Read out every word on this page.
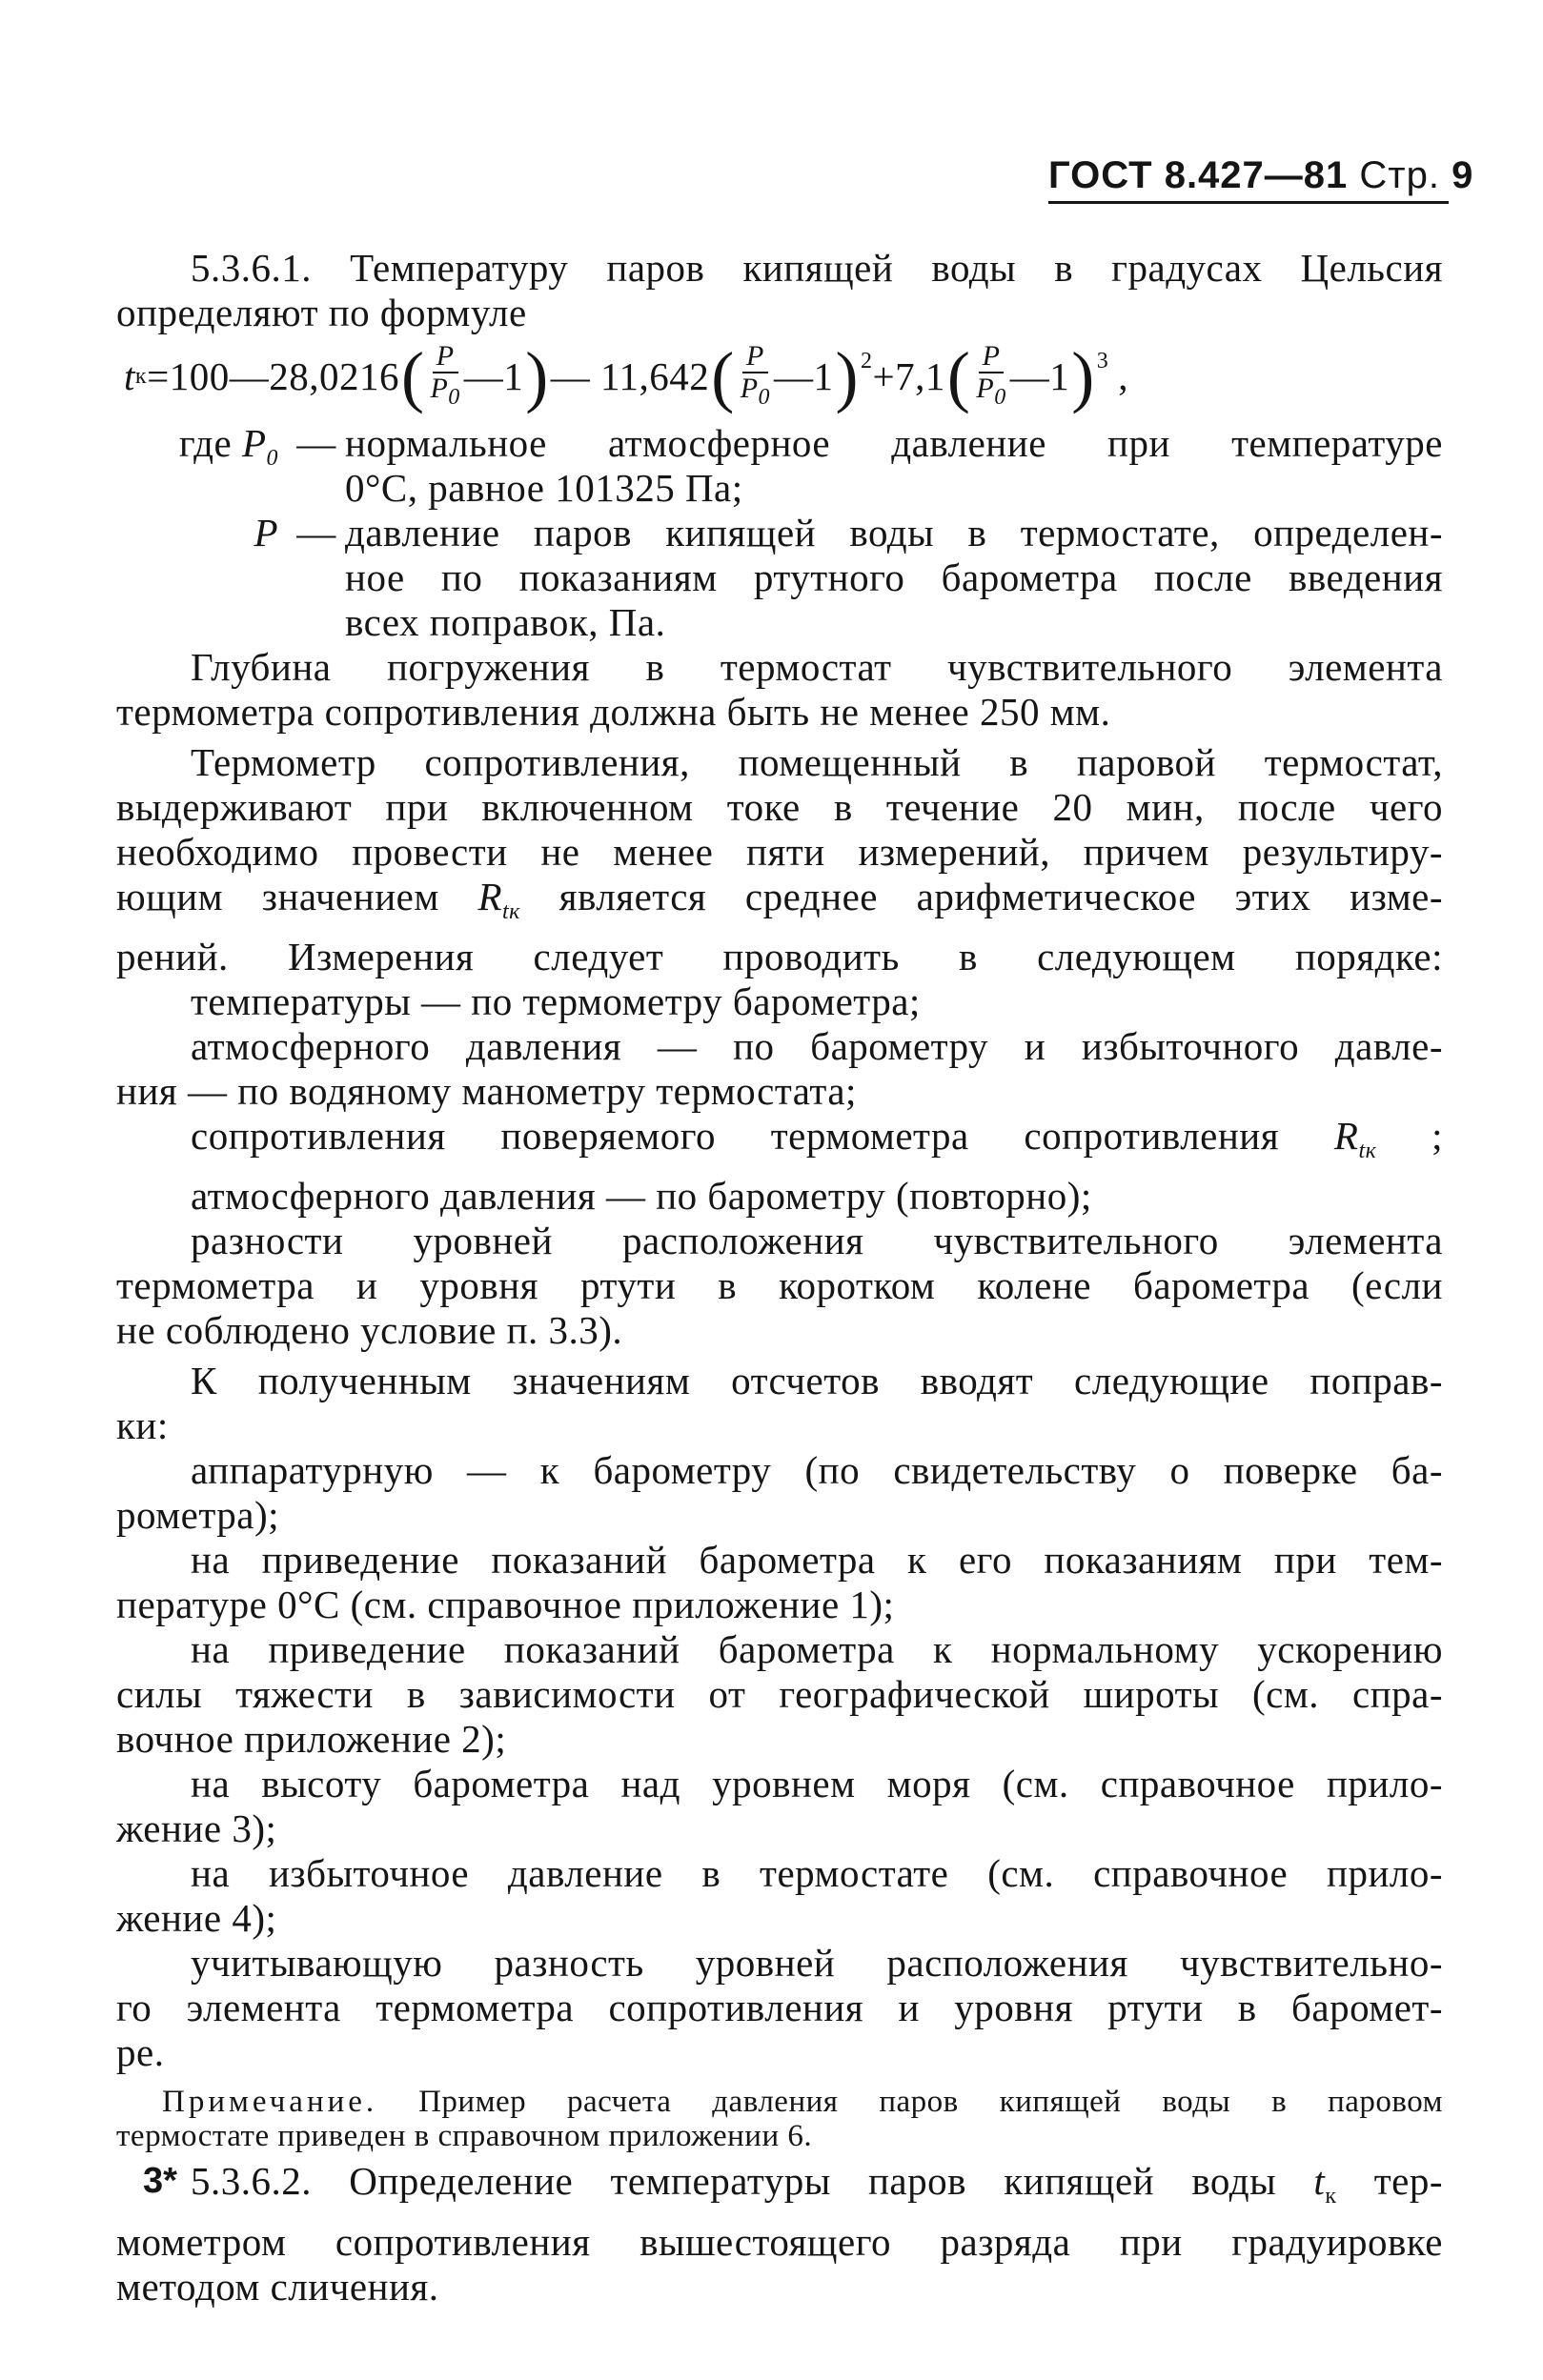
ГОСТ 8.427—81 Стр. 9

5.3.6.1. Температуру паров кипящей воды в градусах Цельсия
определяют по формуле

t к =100—28,0216 ( $\frac{P}{P_0}$ —1 ) — 11,642 ( $\frac{P}{P_0}$ —1 )$^2$ +7,1 ( $\frac{P}{P_0}$ —1 )$^3$ ,
где $P_0$ — нормальное атмосферное давление при температуре
0°С, равное 101325 Па;
P — давление паров кипящей воды в термостате, определен-
ное по показаниям ртутного барометра после введения
всех поправок, Па.

Глубина погружения в термостат чувствительного элемента
термометра сопротивления должна быть не менее 250 мм.

Термометр сопротивления, помещенный в паровой термостат,
выдерживают при включенном токе в течение 20 мин, после чего
необходимо провести не менее пяти измерений, причем результиру-
ющим значением $R_{tк}$ является среднее арифметическое этих изме-
рений. Измерения следует проводить в следующем порядке:

температуры — по термометру барометра;
атмосферного давления — по барометру и избыточного давле-
ния — по водяному манометру термостата;
сопротивления поверяемого термометра сопротивления $R_{tк}$ ;
атмосферного давления — по барометру (повторно);
разности уровней расположения чувствительного элемента
термометра и уровня ртути в коротком колене барометра (если
не соблюдено условие п. 3.3).
К полученным значениям отсчетов вводят следующие поправ-
ки:
аппаратурную — к барометру (по свидетельству о поверке ба-
рометра);
на приведение показаний барометра к его показаниям при тем-
пературе 0°С (см. справочное приложение 1);
на приведение показаний барометра к нормальному ускорению
силы тяжести в зависимости от географической широты (см. спра-
вочное приложение 2);
на высоту барометра над уровнем моря (см. справочное прило-
жение 3);
на избыточное давление в термостате (см. справочное прило-
жение 4);
учитывающую разность уровней расположения чувствительно-
го элемента термометра сопротивления и уровня ртути в баромет-
ре.
Примечание. Пример расчета давления паров кипящей воды в паровом
термостате приведен в справочном приложении 6.

5.3.6.2. Определение температуры паров кипящей воды $t_к$ тер-
мометром сопротивления вышестоящего разряда при градуировке
методом сличения.

3*
